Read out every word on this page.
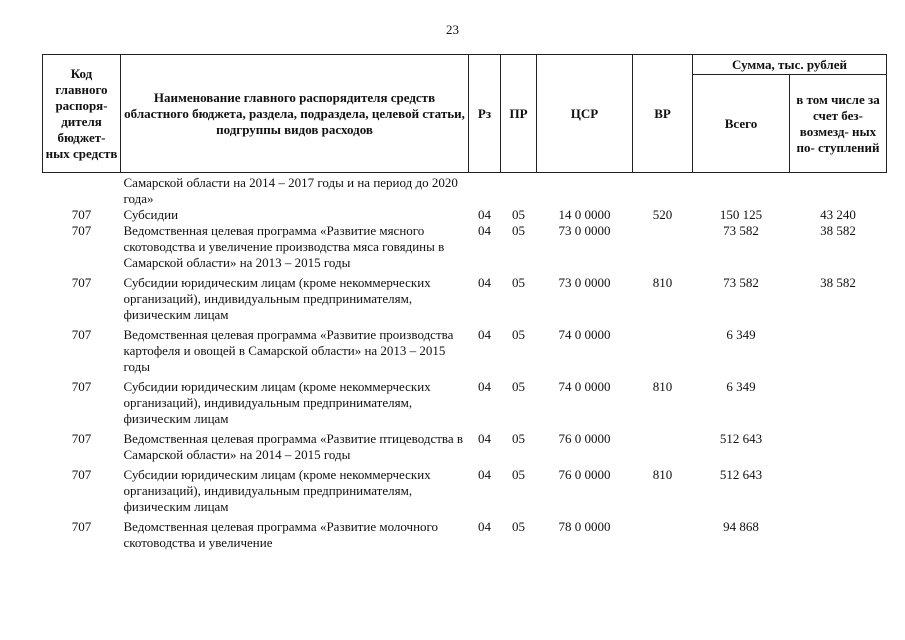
23
Код главного распоря- дителя бюджет- ных средств	Наименование главного распорядителя средств областного бюджета, раздела, подраздела, целевой статьи, подгруппы видов расходов	Рз	ПР	ЦСР	ВР	Сумма, тыс. рублей	
						Всего	в том числе за счет без- возмезд- ных по- ступлений
	Самарской области на 2014 – 2017 годы и на период до 2020 года»						
707	Субсидии	04	05	14 0 0000	520	150 125	43 240
707	Ведомственная целевая программа «Развитие мясного скотоводства и увеличение производства мяса говядины в Самарской области» на 2013 – 2015 годы	04	05	73 0 0000		73 582	38 582
707	Субсидии юридическим лицам (кроме некоммерческих организаций), индивидуальным предпринимателям, физическим лицам	04	05	73 0 0000	810	73 582	38 582
707	Ведомственная целевая программа «Развитие производства картофеля и овощей в Самарской области» на 2013 – 2015 годы	04	05	74 0 0000		6 349	
707	Субсидии юридическим лицам (кроме некоммерческих организаций), индивидуальным предпринимателям, физическим лицам	04	05	74 0 0000	810	6 349	
707	Ведомственная целевая программа «Развитие птицеводства в Самарской области» на 2014 – 2015 годы	04	05	76 0 0000		512 643	
707	Субсидии юридическим лицам (кроме некоммерческих организаций), индивидуальным предпринимателям, физическим лицам	04	05	76 0 0000	810	512 643	
707	Ведомственная целевая программа «Развитие молочного скотоводства и увеличение	04	05	78 0 0000		94 868	
